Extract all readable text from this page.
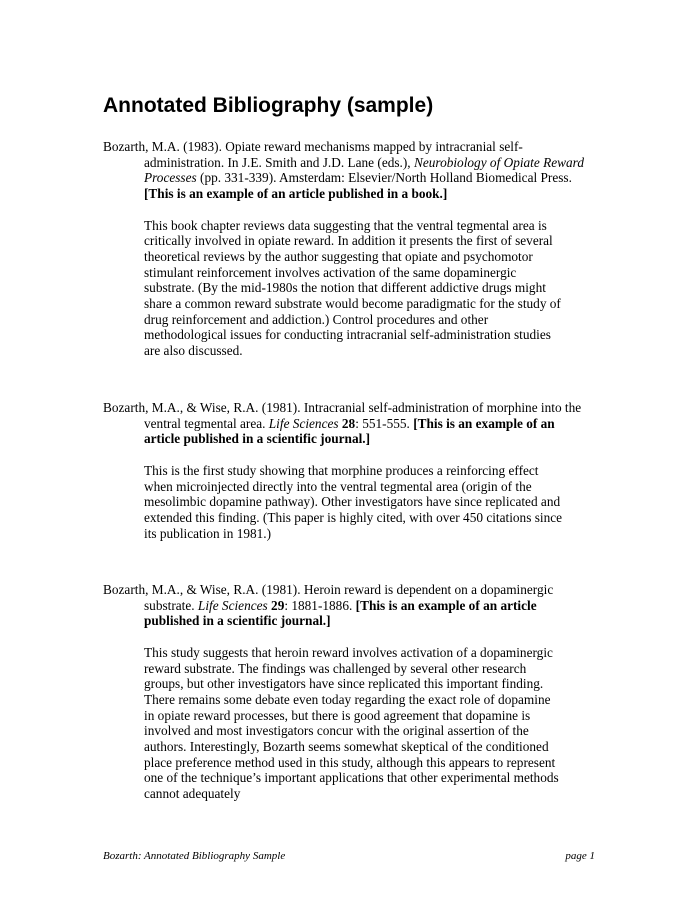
Annotated Bibliography (sample)

Bozarth, M.A. (1983). Opiate reward mechanisms mapped by intracranial self-administration. In J.E. Smith and J.D. Lane (eds.), Neurobiology of Opiate Reward Processes (pp. 331-339). Amsterdam: Elsevier/North Holland Biomedical Press. [This is an example of an article published in a book.]

This book chapter reviews data suggesting that the ventral tegmental area is critically involved in opiate reward. In addition it presents the first of several theoretical reviews by the author suggesting that opiate and psychomotor stimulant reinforcement involves activation of the same dopaminergic substrate. (By the mid-1980s the notion that different addictive drugs might share a common reward substrate would become paradigmatic for the study of drug reinforcement and addiction.) Control procedures and other methodological issues for conducting intracranial self-administration studies are also discussed.

Bozarth, M.A., & Wise, R.A. (1981). Intracranial self-administration of morphine into the ventral tegmental area. Life Sciences 28: 551-555. [This is an example of an article published in a scientific journal.]

This is the first study showing that morphine produces a reinforcing effect when microinjected directly into the ventral tegmental area (origin of the mesolimbic dopamine pathway). Other investigators have since replicated and extended this finding. (This paper is highly cited, with over 450 citations since its publication in 1981.)

Bozarth, M.A., & Wise, R.A. (1981). Heroin reward is dependent on a dopaminergic substrate. Life Sciences 29: 1881-1886. [This is an example of an article published in a scientific journal.]

This study suggests that heroin reward involves activation of a dopaminergic reward substrate. The findings was challenged by several other research groups, but other investigators have since replicated this important finding. There remains some debate even today regarding the exact role of dopamine in opiate reward processes, but there is good agreement that dopamine is involved and most investigators concur with the original assertion of the authors. Interestingly, Bozarth seems somewhat skeptical of the conditioned place preference method used in this study, although this appears to represent one of the technique’s important applications that other experimental methods cannot adequately

Bozarth: Annotated Bibliography Sample	page 1
